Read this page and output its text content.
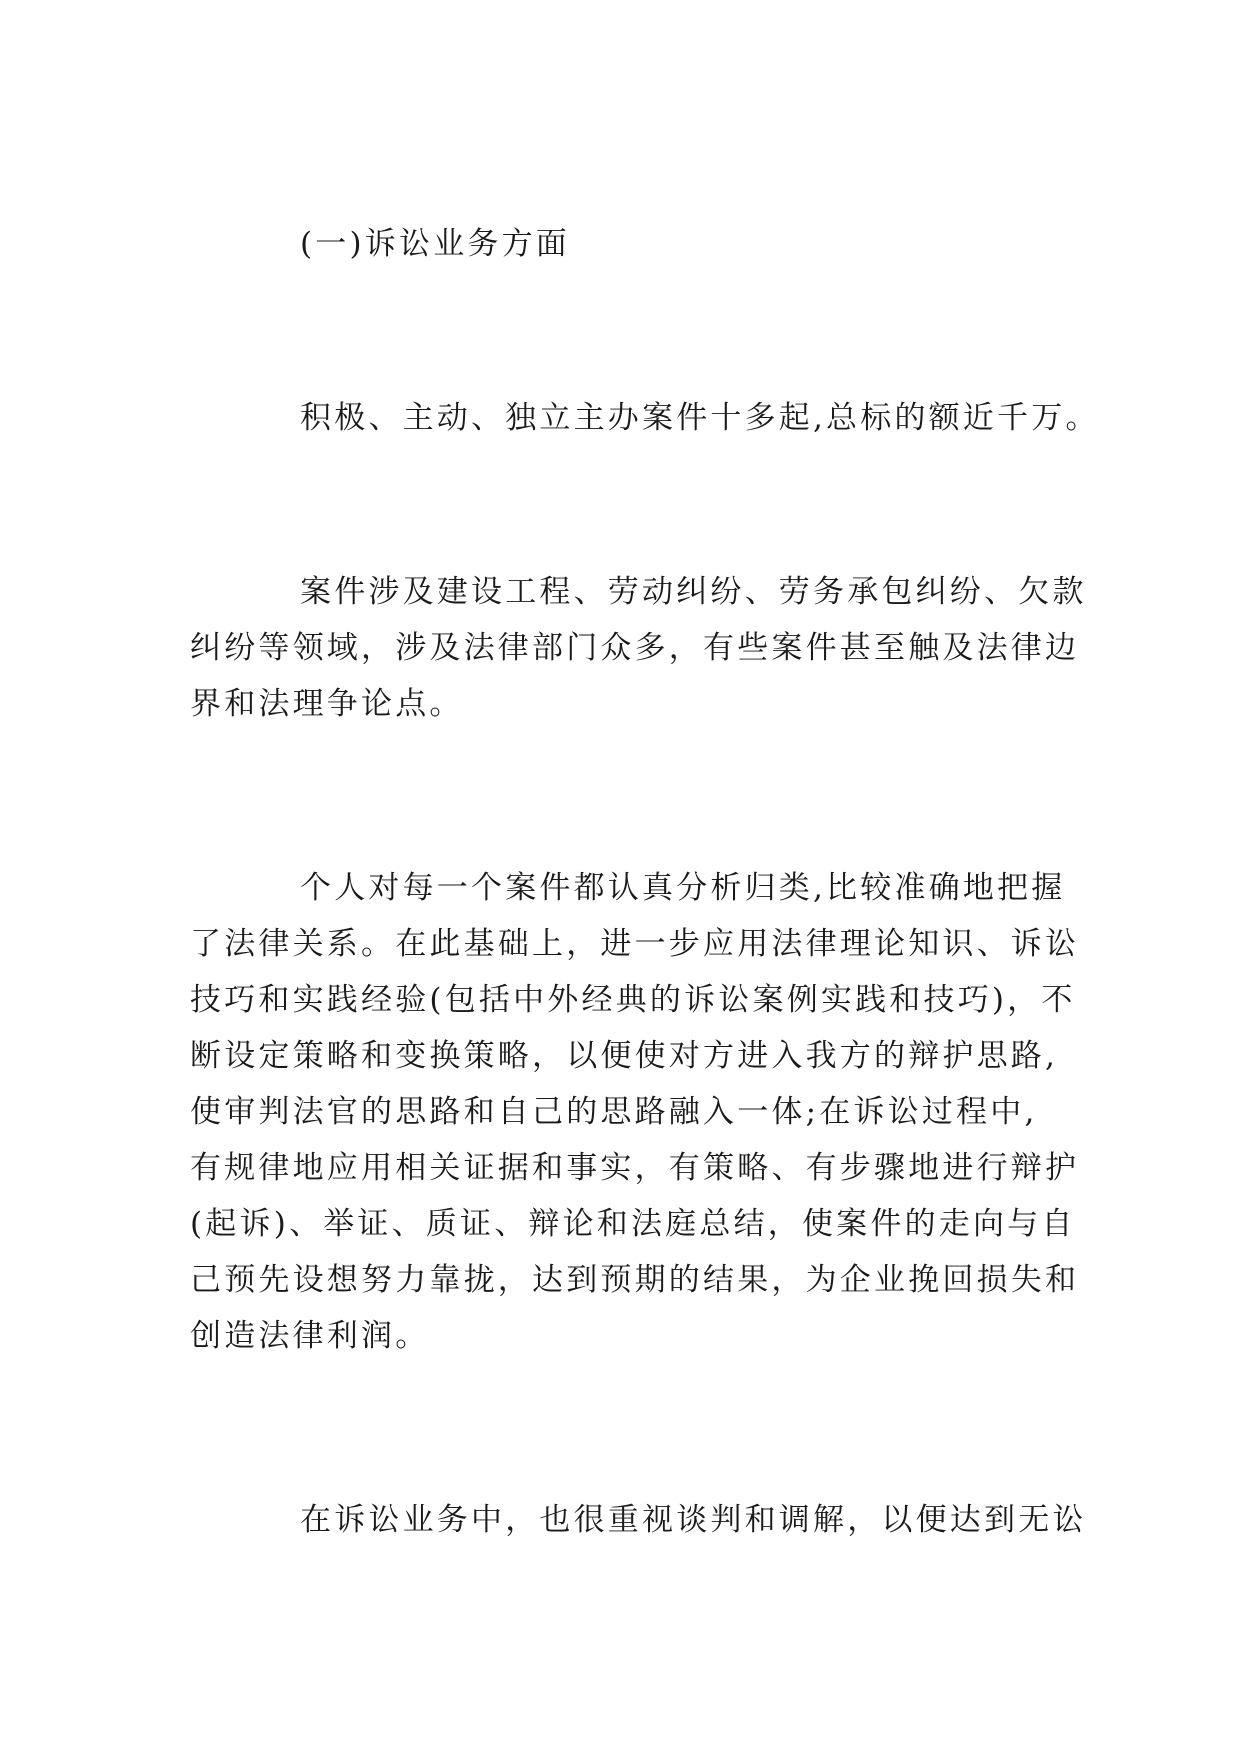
(一)诉讼业务方面
积极、主动、独立主办案件十多起,总标的额近千万。
案件涉及建设工程、劳动纠纷、劳务承包纠纷、欠款
纠纷等领域，涉及法律部门众多，有些案件甚至触及法律边
界和法理争论点。
个人对每一个案件都认真分析归类,比较准确地把握
了法律关系。在此基础上，进一步应用法律理论知识、诉讼
技巧和实践经验(包括中外经典的诉讼案例实践和技巧)，不
断设定策略和变换策略，以便使对方进入我方的辩护思路,
使审判法官的思路和自己的思路融入一体;在诉讼过程中,
有规律地应用相关证据和事实，有策略、有步骤地进行辩护
(起诉)、举证、质证、辩论和法庭总结，使案件的走向与自
己预先设想努力靠拢，达到预期的结果，为企业挽回损失和
创造法律利润。
在诉讼业务中，也很重视谈判和调解，以便达到无讼
